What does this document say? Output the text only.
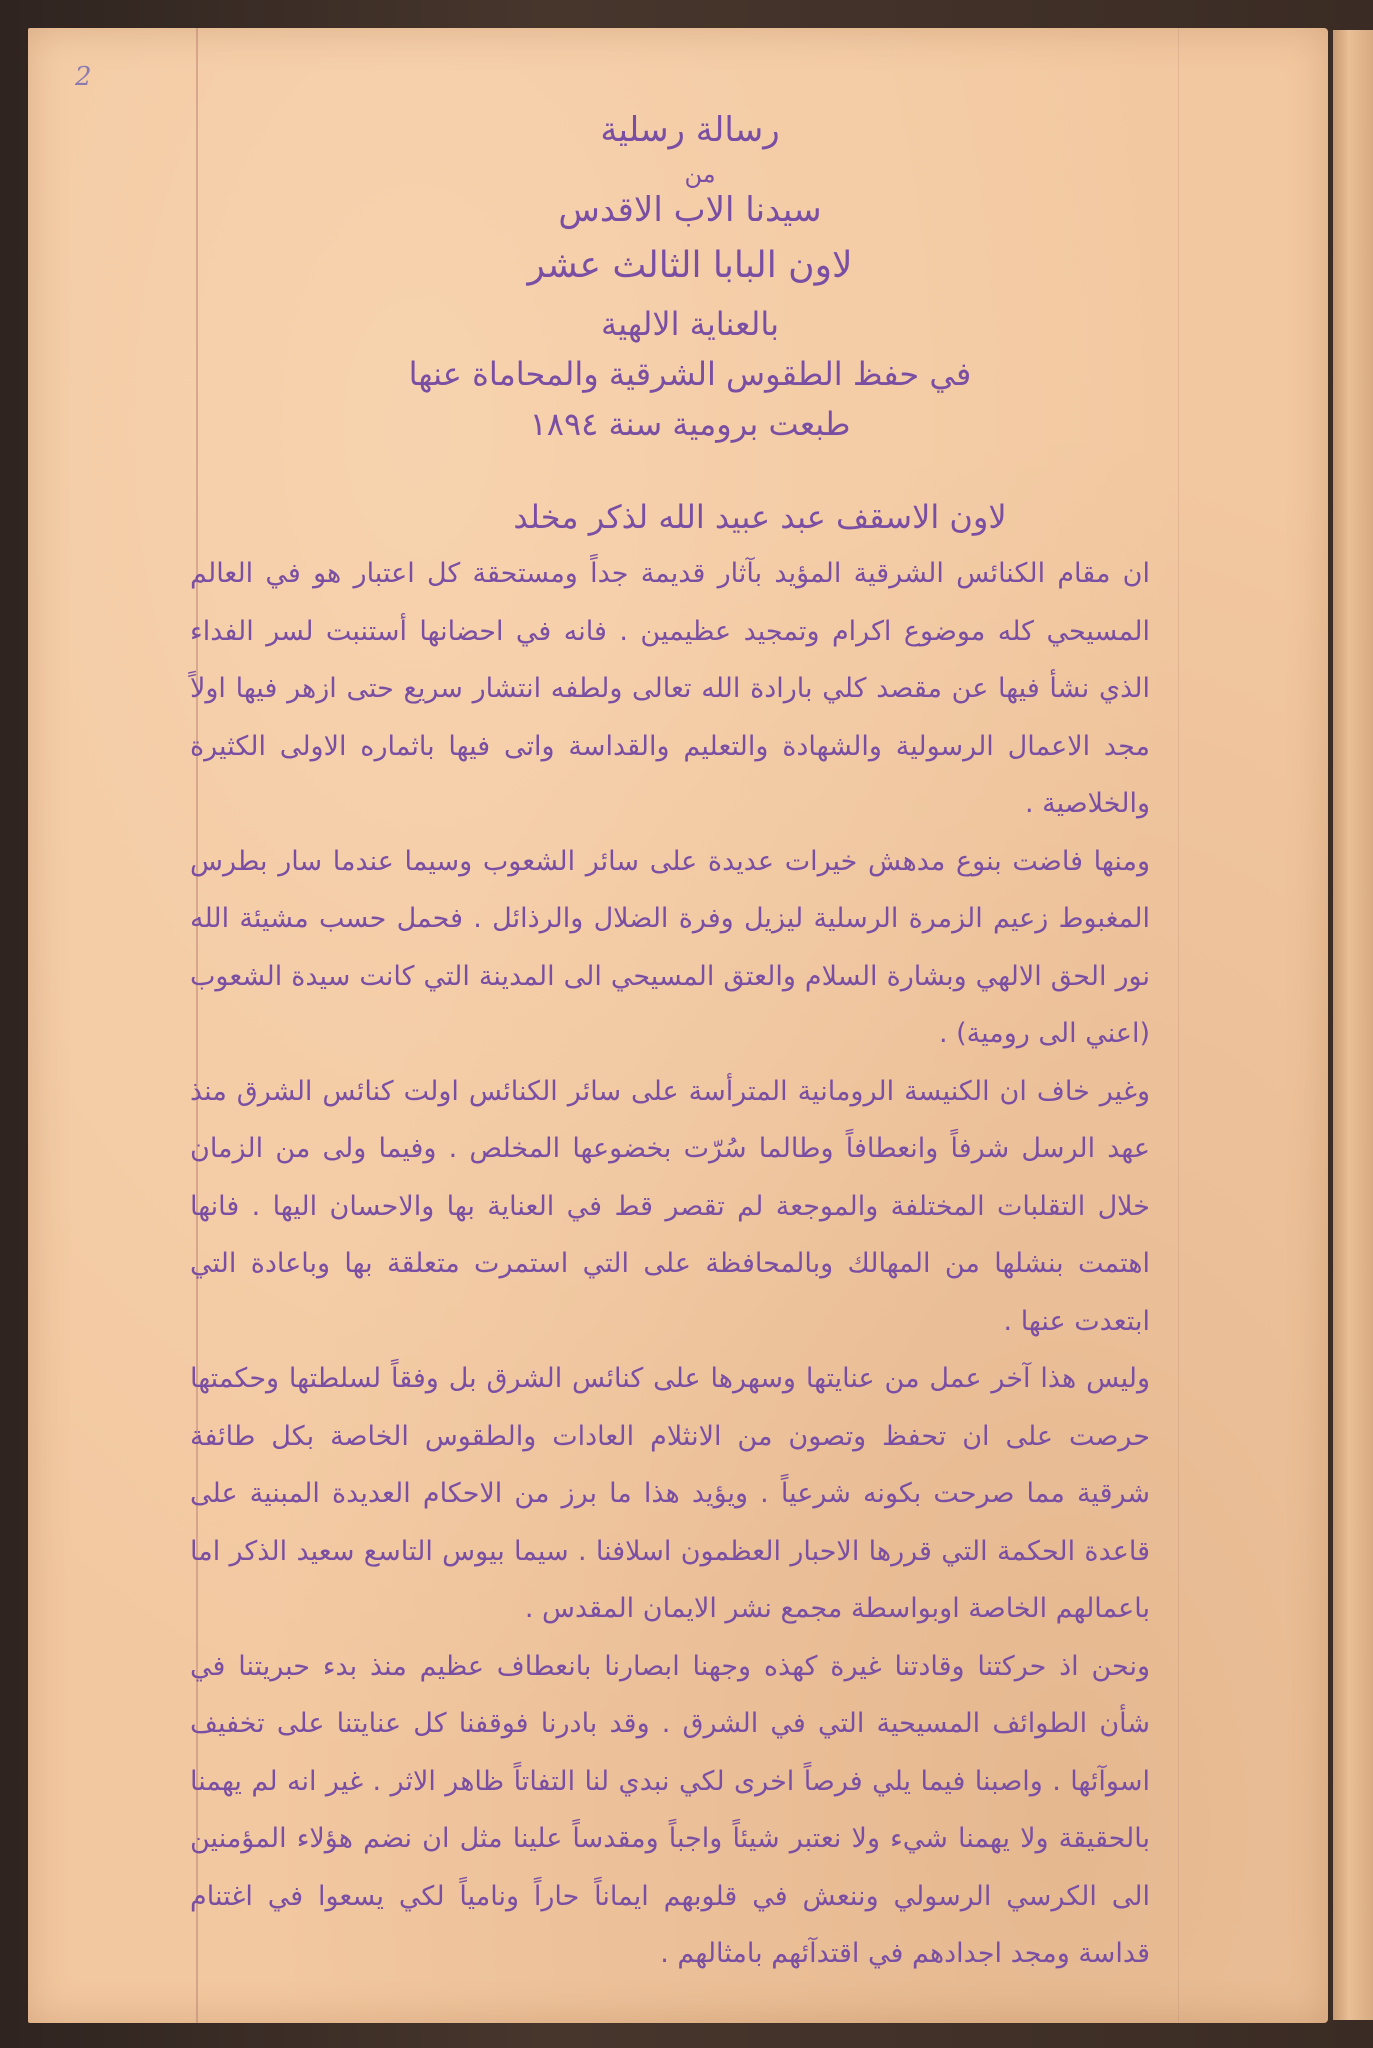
2
رسالة رسلية
من
سيدنا الاب الاقدس
لاون البابا الثالث عشر
بالعناية الالهية
في حفظ الطقوس الشرقية والمحاماة عنها
طبعت برومية سنة ١٨٩٤
لاون الاسقف عبد عبيد الله لذكر مخلد

ان مقام الكنائس الشرقية المؤيد بآثار قديمة جداً ومستحقة كل اعتبار هو في العالم المسيحي كله موضوع اكرام وتمجيد عظيمين . فانه في احضانها أستنبت لسر الفداء الذي نشأ فيها عن مقصد كلي بارادة الله تعالى ولطفه انتشار سريع حتى ازهر فيها اولاً مجد الاعمال الرسولية والشهادة والتعليم والقداسة واتى فيها باثماره الاولى الكثيرة والخلاصية .

ومنها فاضت بنوع مدهش خيرات عديدة على سائر الشعوب وسيما عندما سار بطرس المغبوط زعيم الزمرة الرسلية ليزيل وفرة الضلال والرذائل . فحمل حسب مشيئة الله نور الحق الالهي وبشارة السلام والعتق المسيحي الى المدينة التي كانت سيدة الشعوب (اعني الى رومية) .

وغير خاف ان الكنيسة الرومانية المترأسة على سائر الكنائس اولت كنائس الشرق منذ عهد الرسل شرفاً وانعطافاً وطالما سُرّت بخضوعها المخلص . وفيما ولى من الزمان خلال التقلبات المختلفة والموجعة لم تقصر قط في العناية بها والاحسان اليها . فانها اهتمت بنشلها من المهالك وبالمحافظة على التي استمرت متعلقة بها وباعادة التي ابتعدت عنها .

وليس هذا آخر عمل من عنايتها وسهرها على كنائس الشرق بل وفقاً لسلطتها وحكمتها حرصت على ان تحفظ وتصون من الانثلام العادات والطقوس الخاصة بكل طائفة شرقية مما صرحت بكونه شرعياً . ويؤيد هذا ما برز من الاحكام العديدة المبنية على قاعدة الحكمة التي قررها الاحبار العظمون اسلافنا . سيما بيوس التاسع سعيد الذكر اما باعمالهم الخاصة اوبواسطة مجمع نشر الايمان المقدس .

ونحن اذ حركتنا وقادتنا غيرة كهذه وجهنا ابصارنا بانعطاف عظيم منذ بدء حبريتنا في شأن الطوائف المسيحية التي في الشرق . وقد بادرنا فوقفنا كل عنايتنا على تخفيف اسوآئها . واصبنا فيما يلي فرصاً اخرى لكي نبدي لنا التفاتاً ظاهر الاثر . غير انه لم يهمنا بالحقيقة ولا يهمنا شيء ولا نعتبر شيئاً واجباً ومقدساً علينا مثل ان نضم هؤلاء المؤمنين الى الكرسي الرسولي وننعش في قلوبهم ايماناً حاراً ونامياً لكي يسعوا في اغتنام قداسة ومجد اجدادهم في اقتدآئهم بامثالهم .
